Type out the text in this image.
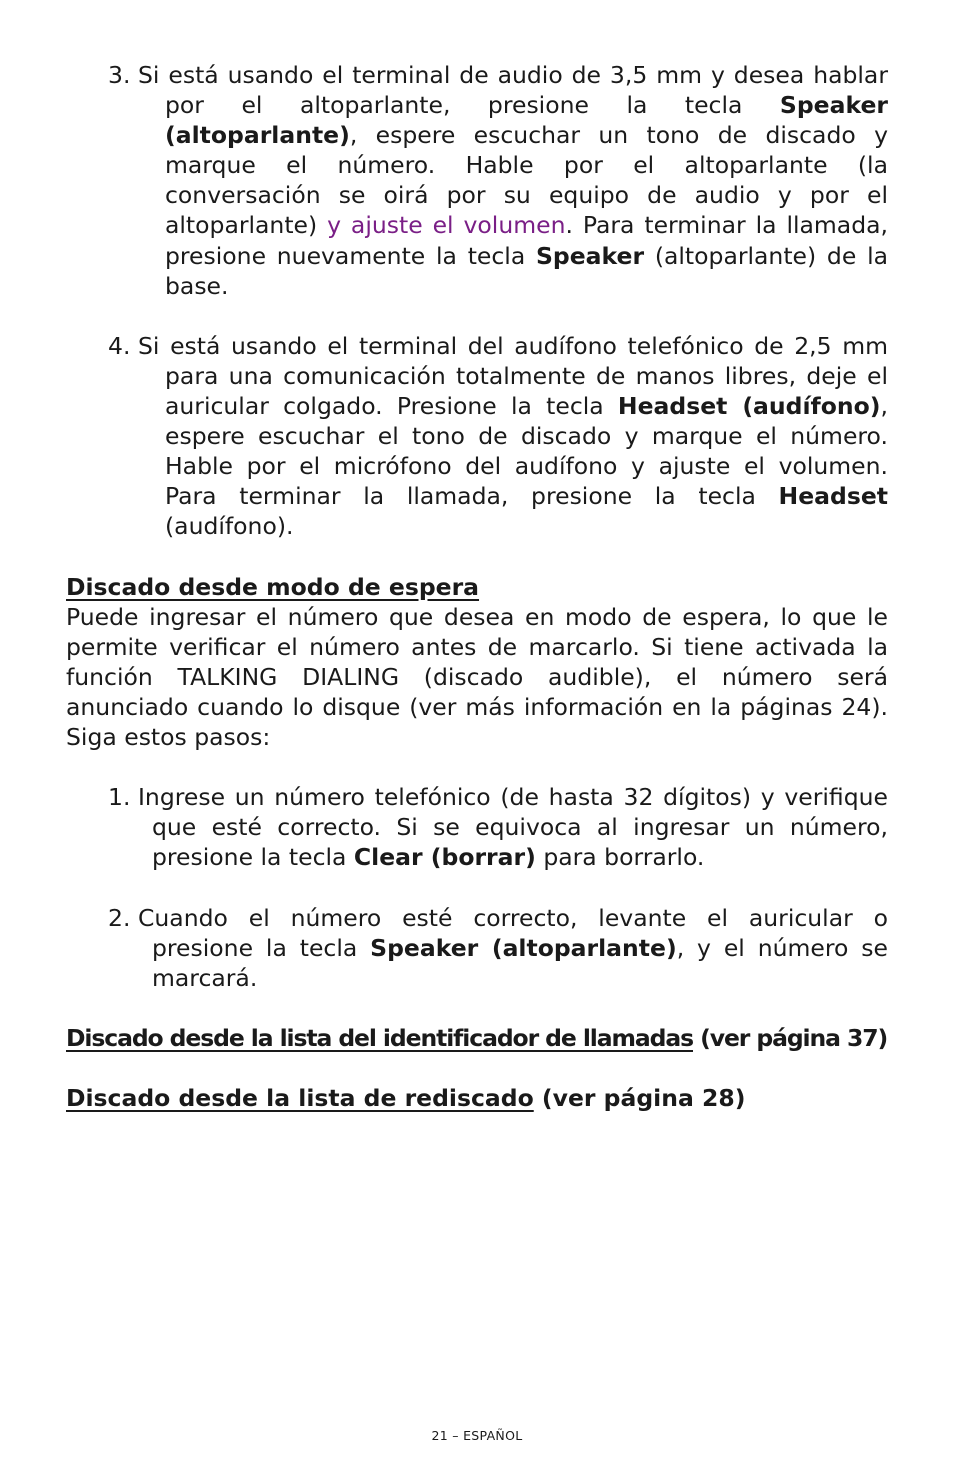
3. Si está usando el terminal de audio de 3,5 mm y desea hablar por el altoparlante, presione la tecla Speaker (altoparlante), espere escuchar un tono de discado y marque el número. Hable por el altoparlante (la conversación se oirá por su equipo de audio y por el altoparlante) y ajuste el volumen. Para terminar la llamada, presione nuevamente la tecla Speaker (altoparlante) de la base.
4. Si está usando el terminal del audífono telefónico de 2,5 mm para una comunicación totalmente de manos libres, deje el auricular colgado. Presione la tecla Headset (audífono), espere escuchar el tono de discado y marque el número. Hable por el micrófono del audífono y ajuste el volumen. Para terminar la llamada, presione la tecla Headset (audífono).
Discado desde modo de espera

Puede ingresar el número que desea en modo de espera, lo que le permite verificar el número antes de marcarlo. Si tiene activada la función TALKING DIALING (discado audible), el número será anunciado cuando lo disque (ver más información en la páginas 24). Siga estos pasos:

1. Ingrese un número telefónico (de hasta 32 dígitos) y verifique que esté correcto. Si se equivoca al ingresar un número, presione la tecla Clear (borrar) para borrarlo.
2. Cuando el número esté correcto, levante el auricular o presione la tecla Speaker (altoparlante), y el número se marcará.
Discado desde la lista del identificador de llamadas (ver página 37)
Discado desde la lista de rediscado (ver página 28)
21 – ESPAÑOL
